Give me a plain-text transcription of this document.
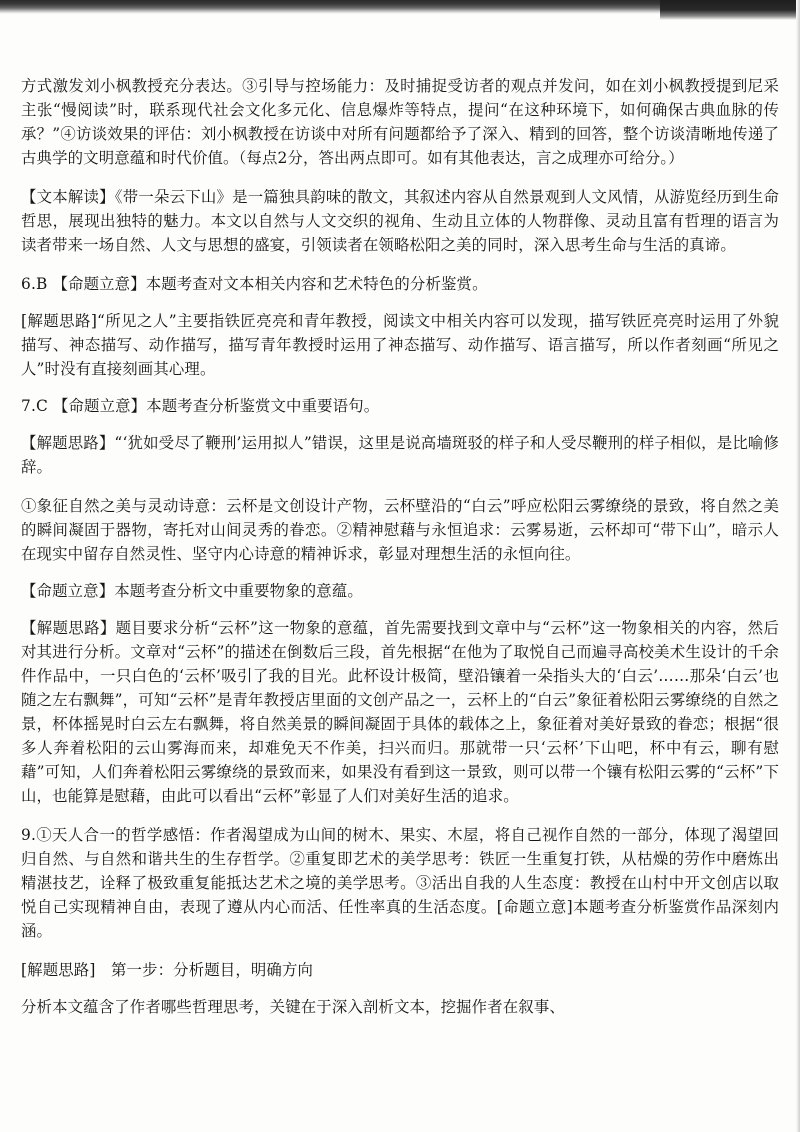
方式激发刘小枫教授充分表达。③引导与控场能力：及时捕捉受访者的观点并发问，如在刘小枫教授提到尼采主张“慢阅读”时，联系现代社会文化多元化、信息爆炸等特点，提问“在这种环境下，如何确保古典血脉的传承？”④访谈效果的评估：刘小枫教授在访谈中对所有问题都给予了深入、精到的回答，整个访谈清晰地传递了古典学的文明意蕴和时代价值。（每点2分，答出两点即可。如有其他表达，言之成理亦可给分。）

【文本解读】《带一朵云下山》是一篇独具韵味的散文，其叙述内容从自然景观到人文风情，从游览经历到生命哲思，展现出独特的魅力。本文以自然与人文交织的视角、生动且立体的人物群像、灵动且富有哲理的语言为读者带来一场自然、人文与思想的盛宴，引领读者在领略松阳之美的同时，深入思考生命与生活的真谛。

6.B 【命题立意】本题考查对文本相关内容和艺术特色的分析鉴赏。

[解题思路]“所见之人”主要指铁匠亮亮和青年教授，阅读文中相关内容可以发现，描写铁匠亮亮时运用了外貌描写、神态描写、动作描写，描写青年教授时运用了神态描写、动作描写、语言描写，所以作者刻画“所见之人”时没有直接刻画其心理。

7.C 【命题立意】本题考查分析鉴赏文中重要语句。

【解题思路】“‘犹如受尽了鞭刑’运用拟人”错误，这里是说高墙斑驳的样子和人受尽鞭刑的样子相似，是比喻修辞。

①象征自然之美与灵动诗意：云杯是文创设计产物，云杯壁沿的“白云”呼应松阳云雾缭绕的景致，将自然之美的瞬间凝固于器物，寄托对山间灵秀的眷恋。②精神慰藉与永恒追求：云雾易逝，云杯却可“带下山”，暗示人在现实中留存自然灵性、坚守内心诗意的精神诉求，彰显对理想生活的永恒向往。

【命题立意】本题考查分析文中重要物象的意蕴。

【解题思路】题目要求分析“云杯”这一物象的意蕴，首先需要找到文章中与“云杯”这一物象相关的内容，然后对其进行分析。文章对“云杯”的描述在倒数后三段，首先根据“在他为了取悦自己而遍寻高校美术生设计的千余件作品中，一只白色的‘云杯’吸引了我的目光。此杯设计极简，壁沿镶着一朵指头大的‘白云’……那朵‘白云’也随之左右飘舞”，可知“云杯”是青年教授店里面的文创产品之一，云杯上的“白云”象征着松阳云雾缭绕的自然之景，杯体摇晃时白云左右飘舞，将自然美景的瞬间凝固于具体的载体之上，象征着对美好景致的眷恋；根据“很多人奔着松阳的云山雾海而来，却难免天不作美，扫兴而归。那就带一只‘云杯’下山吧，杯中有云，聊有慰藉”可知，人们奔着松阳云雾缭绕的景致而来，如果没有看到这一景致，则可以带一个镶有松阳云雾的“云杯”下山，也能算是慰藉，由此可以看出“云杯”彰显了人们对美好生活的追求。

9.①天人合一的哲学感悟：作者渴望成为山间的树木、果实、木屋，将自己视作自然的一部分，体现了渴望回归自然、与自然和谐共生的生存哲学。②重复即艺术的美学思考：铁匠一生重复打铁，从枯燥的劳作中磨炼出精湛技艺，诠释了极致重复能抵达艺术之境的美学思考。③活出自我的人生态度：教授在山村中开文创店以取悦自己实现精神自由，表现了遵从内心而活、任性率真的生活态度。[命题立意]本题考查分析鉴赏作品深刻内涵。

[解题思路]　第一步：分析题目，明确方向

分析本文蕴含了作者哪些哲理思考，关键在于深入剖析文本，挖掘作者在叙事、
